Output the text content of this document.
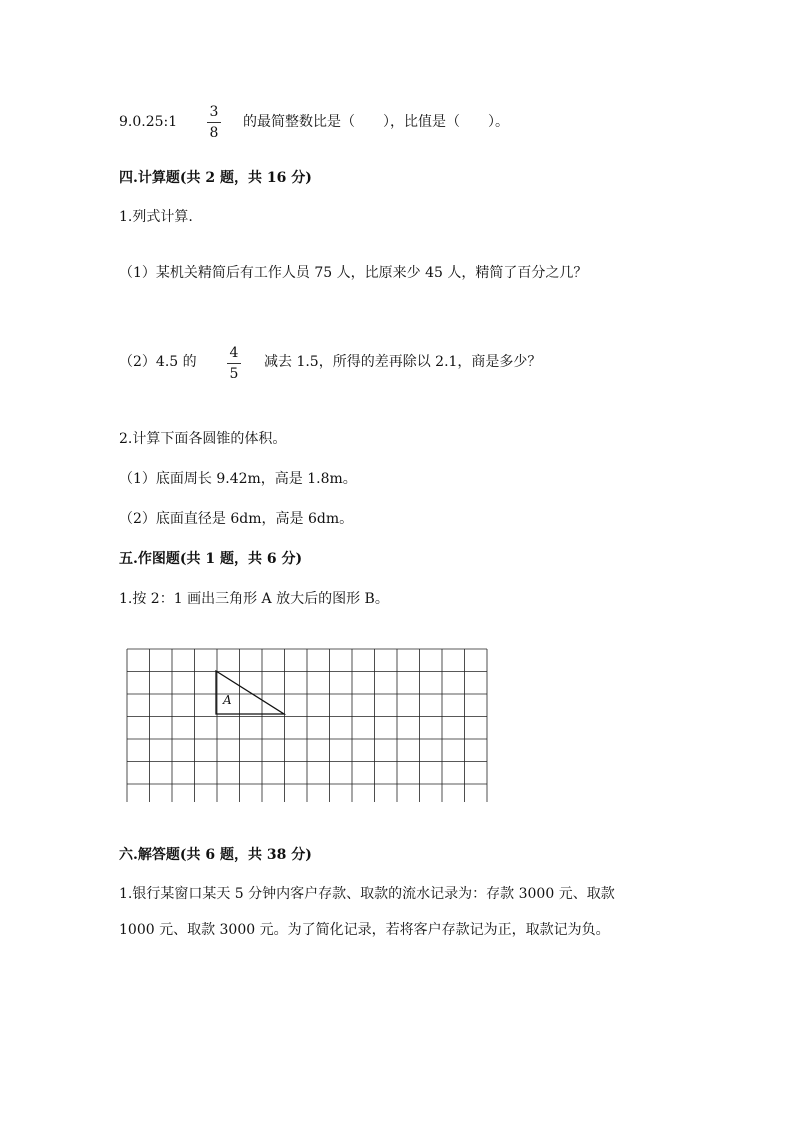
9.0.25:1
3
8
的最简整数比是（　　），比值是（　　）。
四.计算题(共 2 题，共 16 分)
1.列式计算.
（1）某机关精简后有工作人员 75 人，比原来少 45 人，精简了百分之几？
（2）4.5 的
4
5
减去 1.5，所得的差再除以 2.1，商是多少？
2.计算下面各圆锥的体积。
（1）底面周长 9.42m，高是 1.8m。
（2）底面直径是 6dm，高是 6dm。
五.作图题(共 1 题，共 6 分)
1.按 2：1 画出三角形 A 放大后的图形 B。
A
六.解答题(共 6 题，共 38 分)
1.银行某窗口某天 5 分钟内客户存款、取款的流水记录为：存款 3000 元、取款
1000 元、取款 3000 元。为了简化记录，若将客户存款记为正，取款记为负。
